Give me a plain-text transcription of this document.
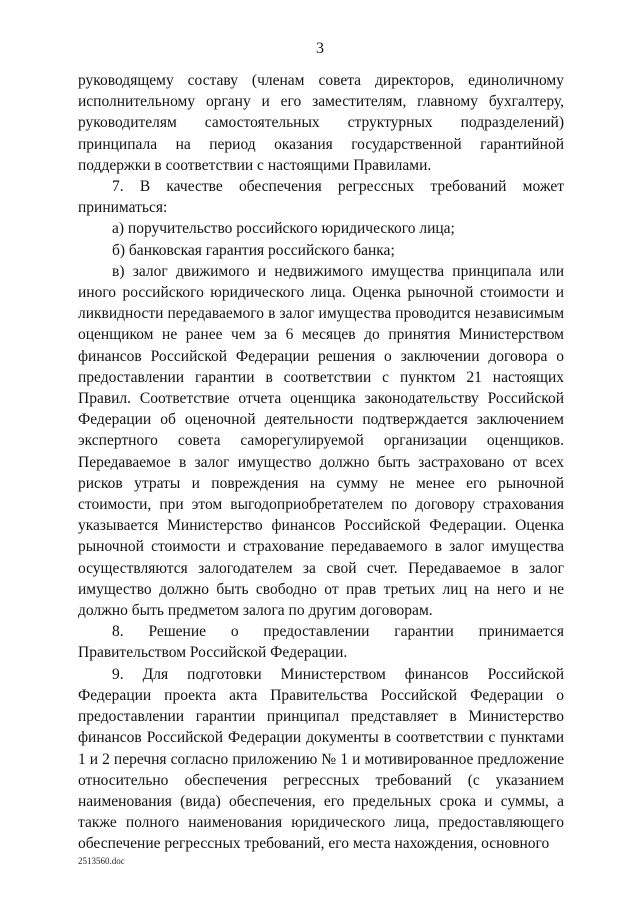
3

руководящему составу (членам совета директоров, единоличному исполнительному органу и его заместителям, главному бухгалтеру, руководителям самостоятельных структурных подразделений) принципала на период оказания государственной гарантийной поддержки в соответствии с настоящими Правилами.

7. В качестве обеспечения регрессных требований может приниматься:

а) поручительство российского юридического лица;

б) банковская гарантия российского банка;

в) залог движимого и недвижимого имущества принципала или иного российского юридического лица. Оценка рыночной стоимости и ликвидности передаваемого в залог имущества проводится независимым оценщиком не ранее чем за 6 месяцев до принятия Министерством финансов Российской Федерации решения о заключении договора о предоставлении гарантии в соответствии с пунктом 21 настоящих Правил. Соответствие отчета оценщика законодательству Российской Федерации об оценочной деятельности подтверждается заключением экспертного совета саморегулируемой организации оценщиков. Передаваемое в залог имущество должно быть застраховано от всех рисков утраты и повреждения на сумму не менее его рыночной стоимости, при этом выгодоприобретателем по договору страхования указывается Министерство финансов Российской Федерации. Оценка рыночной стоимости и страхование передаваемого в залог имущества осуществляются залогодателем за свой счет. Передаваемое в залог имущество должно быть свободно от прав третьих лиц на него и не должно быть предметом залога по другим договорам.

8. Решение о предоставлении гарантии принимается Правительством Российской Федерации.

9. Для подготовки Министерством финансов Российской Федерации проекта акта Правительства Российской Федерации о предоставлении гарантии принципал представляет в Министерство финансов Российской Федерации документы в соответствии с пунктами 1 и 2 перечня согласно приложению № 1 и мотивированное предложение относительно обеспечения регрессных требований (с указанием наименования (вида) обеспечения, его предельных срока и суммы, а также полного наименования юридического лица, предоставляющего обеспечение регрессных требований, его места нахождения, основного

2513560.doc
